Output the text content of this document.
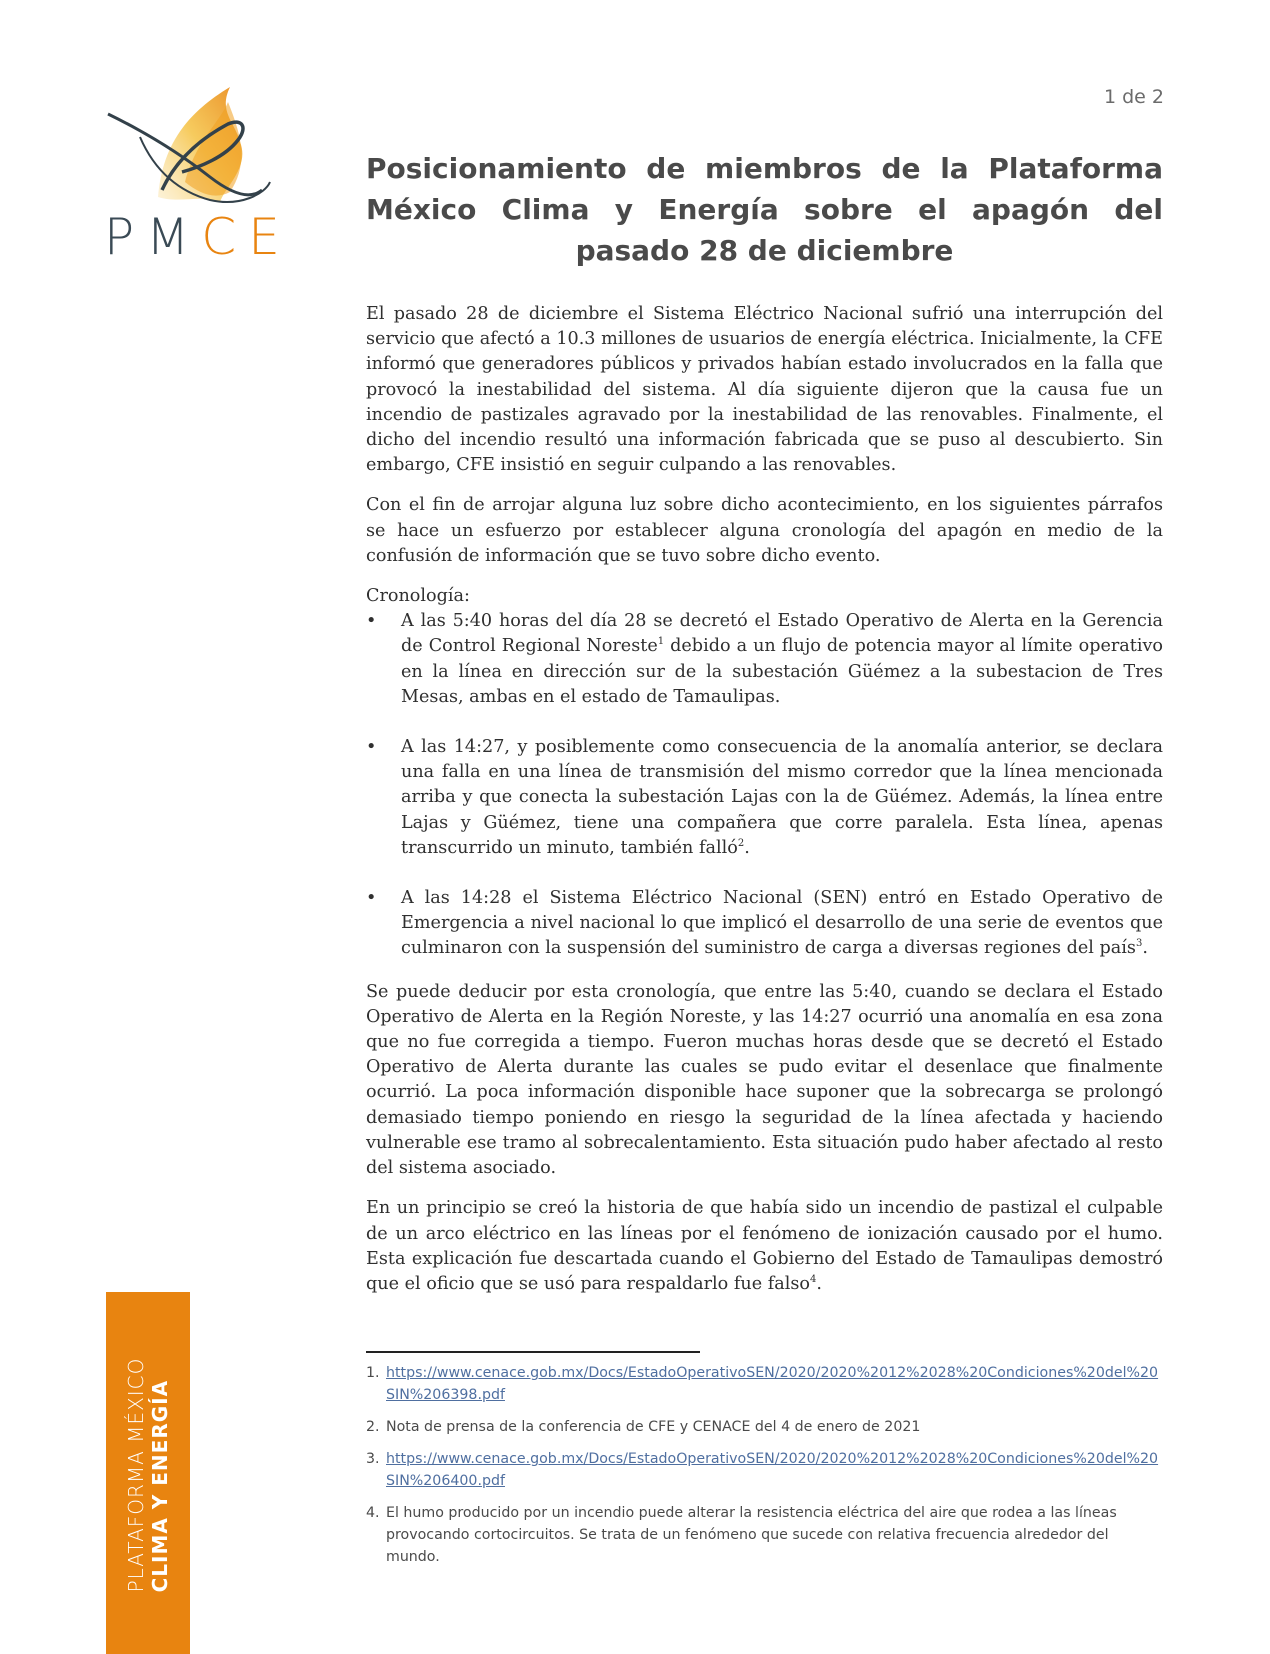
1 de 2
PMCE
Posicionamiento de miembros de la Plataforma México Clima y Energía sobre el apagón del pasado 28 de diciembre

El pasado 28 de diciembre el Sistema Eléctrico Nacional sufrió una interrupción del servicio que afectó a 10.3 millones de usuarios de energía eléctrica. Inicialmente, la CFE informó que generadores públicos y privados habían estado involucrados en la falla que provocó la inestabilidad del sistema. Al día siguiente dijeron que la causa fue un incendio de pastizales agravado por la inestabilidad de las renovables. Finalmente, el dicho del incendio resultó una información fabricada que se puso al descubierto. Sin embargo, CFE insistió en seguir culpando a las renovables.

Con el fin de arrojar alguna luz sobre dicho acontecimiento, en los siguientes párrafos se hace un esfuerzo por establecer alguna cronología del apagón en medio de la confusión de información que se tuvo sobre dicho evento.

Cronología:

• A las 5:40 horas del día 28 se decretó el Estado Operativo de Alerta en la Gerencia de Control Regional Noreste$^1$ debido a un flujo de potencia mayor al límite operativo en la línea en dirección sur de la subestación Güémez a la subestacion de Tres Mesas, ambas en el estado de Tamaulipas.
• A las 14:27, y posiblemente como consecuencia de la anomalía anterior, se declara una falla en una línea de transmisión del mismo corredor que la línea mencionada arriba y que conecta la subestación Lajas con la de Güémez. Además, la línea entre Lajas y Güémez, tiene una compañera que corre paralela. Esta línea, apenas transcurrido un minuto, también falló$^2$.
• A las 14:28 el Sistema Eléctrico Nacional (SEN) entró en Estado Operativo de Emergencia a nivel nacional lo que implicó el desarrollo de una serie de eventos que culminaron con la suspensión del suministro de carga a diversas regiones del país$^3$.

Se puede deducir por esta cronología, que entre las 5:40, cuando se declara el Estado Operativo de Alerta en la Región Noreste, y las 14:27 ocurrió una anomalía en esa zona que no fue corregida a tiempo. Fueron muchas horas desde que se decretó el Estado Operativo de Alerta durante las cuales se pudo evitar el desenlace que finalmente ocurrió. La poca información disponible hace suponer que la sobrecarga se prolongó demasiado tiempo poniendo en riesgo la seguridad de la línea afectada y haciendo vulnerable ese tramo al sobrecalentamiento. Esta situación pudo haber afectado al resto del sistema asociado.

En un principio se creó la historia de que había sido un incendio de pastizal el culpable de un arco eléctrico en las líneas por el fenómeno de ionización causado por el humo. Esta explicación fue descartada cuando el Gobierno del Estado de Tamaulipas demostró que el oficio que se usó para respaldarlo fue falso$^4$.

1. https://www.cenace.gob.mx/Docs/EstadoOperativoSEN/2020/2020%2012%2028%20Condiciones%20del%20SIN%206398.pdf
2. Nota de prensa de la conferencia de CFE y CENACE del 4 de enero de 2021
3. https://www.cenace.gob.mx/Docs/EstadoOperativoSEN/2020/2020%2012%2028%20Condiciones%20del%20SIN%206400.pdf
4. El humo producido por un incendio puede alterar la resistencia eléctrica del aire que rodea a las líneas provocando cortocircuitos. Se trata de un fenómeno que sucede con relativa frecuencia alrededor del mundo.
PLATAFORMA MÉXICO CLIMA Y ENERGÍA
